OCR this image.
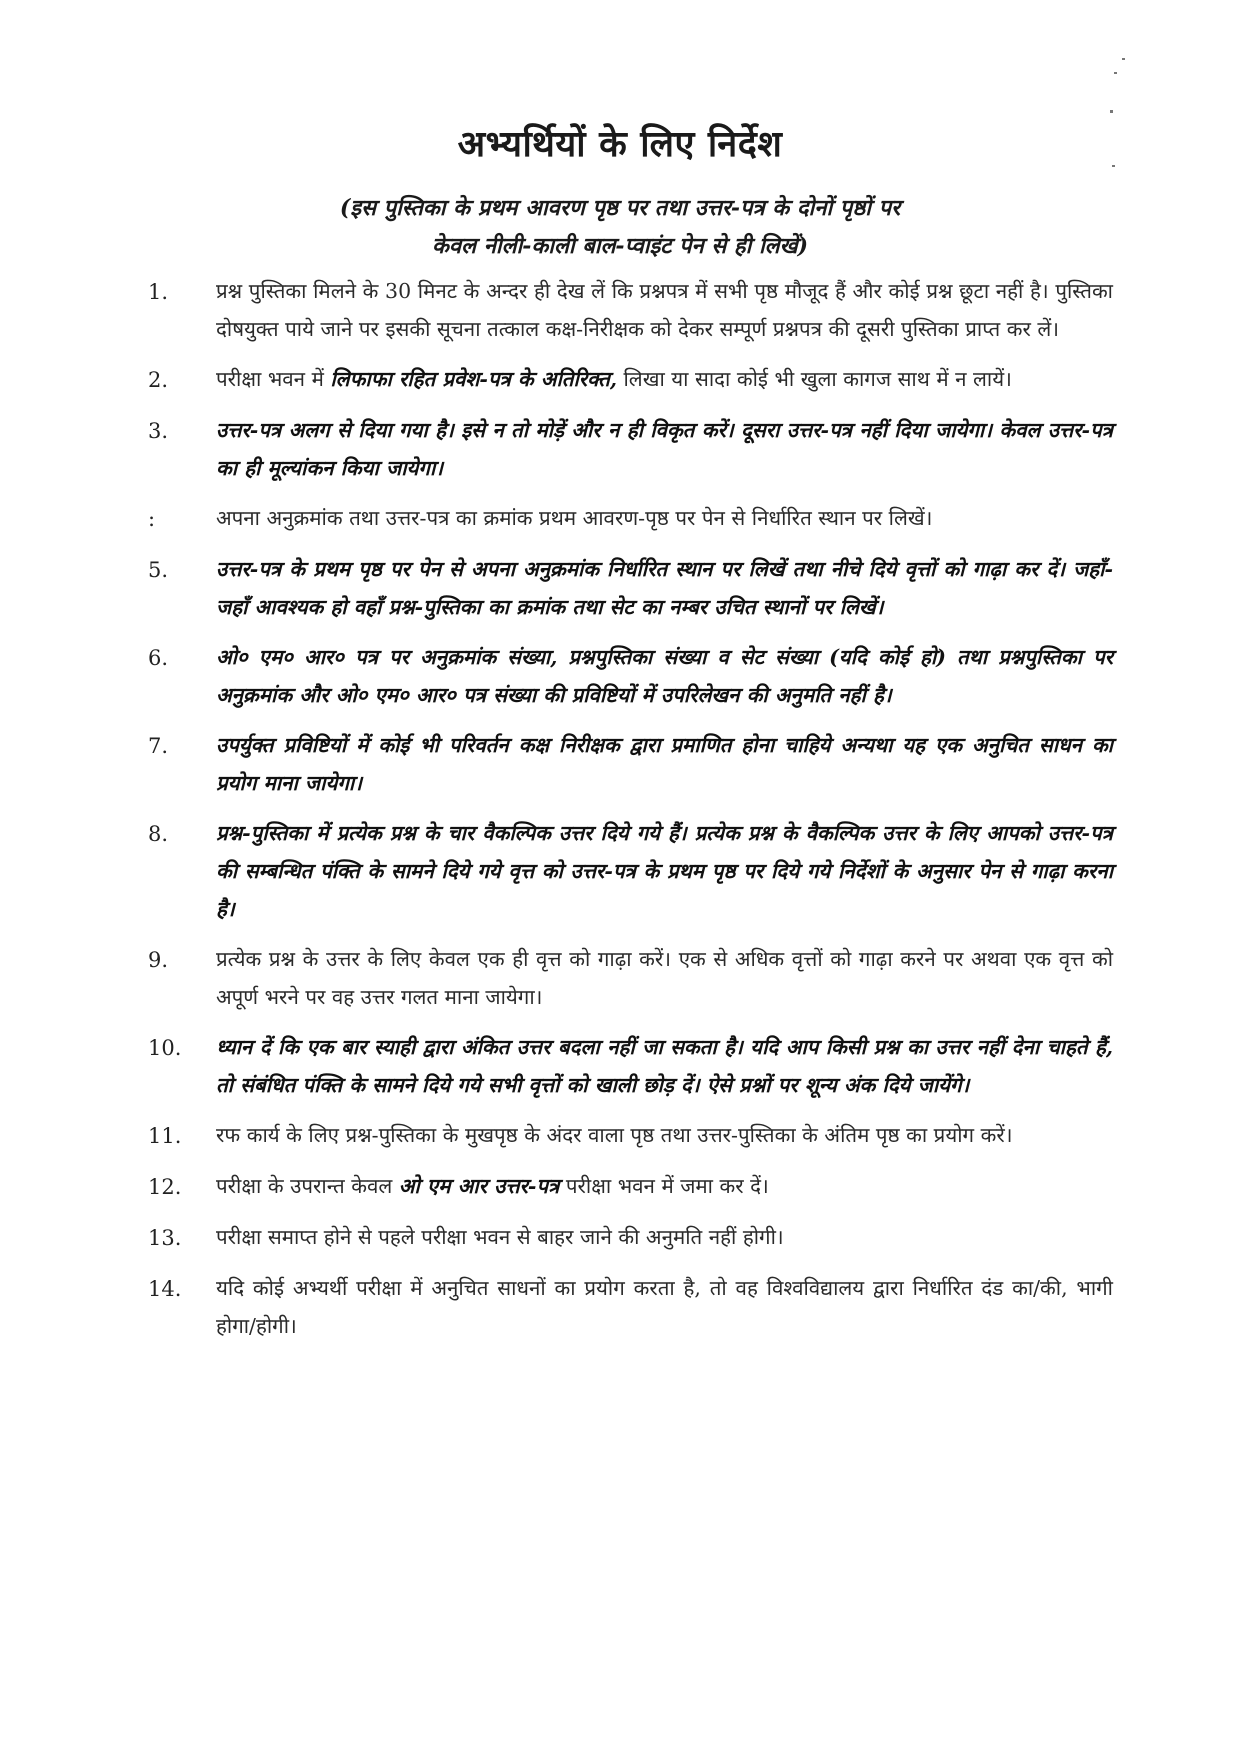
अभ्यर्थियों के लिए निर्देश
(इस पुस्तिका के प्रथम आवरण पृष्ठ पर तथा उत्तर-पत्र के दोनों पृष्ठों पर
केवल नीली-काली बाल-प्वाइंट पेन से ही लिखें)
1.	प्रश्न पुस्तिका मिलने के 30 मिनट के अन्दर ही देख लें कि प्रश्नपत्र में सभी पृष्ठ मौजूद हैं और कोई प्रश्न छूटा नहीं है। पुस्तिका दोषयुक्त पाये जाने पर इसकी सूचना तत्काल कक्ष-निरीक्षक को देकर सम्पूर्ण प्रश्नपत्र की दूसरी पुस्तिका प्राप्त कर लें।
2.	परीक्षा भवन में लिफाफा रहित प्रवेश-पत्र के अतिरिक्त, लिखा या सादा कोई भी खुला कागज साथ में न लायें।
3.	उत्तर-पत्र अलग से दिया गया है। इसे न तो मोड़ें और न ही विकृत करें। दूसरा उत्तर-पत्र नहीं दिया जायेगा। केवल उत्तर-पत्र का ही मूल्यांकन किया जायेगा।
:	अपना अनुक्रमांक तथा उत्तर-पत्र का क्रमांक प्रथम आवरण-पृष्ठ पर पेन से निर्धारित स्थान पर लिखें।
5.	उत्तर-पत्र के प्रथम पृष्ठ पर पेन से अपना अनुक्रमांक निर्धारित स्थान पर लिखें तथा नीचे दिये वृत्तों को गाढ़ा कर दें। जहाँ-जहाँ आवश्यक हो वहाँ प्रश्न-पुस्तिका का क्रमांक तथा सेट का नम्बर उचित स्थानों पर लिखें।
6.	ओ० एम० आर० पत्र पर अनुक्रमांक संख्या, प्रश्नपुस्तिका संख्या व सेट संख्या (यदि कोई हो) तथा प्रश्नपुस्तिका पर अनुक्रमांक और ओ० एम० आर० पत्र संख्या की प्रविष्टियों में उपरिलेखन की अनुमति नहीं है।
7.	उपर्युक्त प्रविष्टियों में कोई भी परिवर्तन कक्ष निरीक्षक द्वारा प्रमाणित होना चाहिये अन्यथा यह एक अनुचित साधन का प्रयोग माना जायेगा।
8.	प्रश्न-पुस्तिका में प्रत्येक प्रश्न के चार वैकल्पिक उत्तर दिये गये हैं। प्रत्येक प्रश्न के वैकल्पिक उत्तर के लिए आपको उत्तर-पत्र की सम्बन्धित पंक्ति के सामने दिये गये वृत्त को उत्तर-पत्र के प्रथम पृष्ठ पर दिये गये निर्देशों के अनुसार पेन से गाढ़ा करना है।
9.	प्रत्येक प्रश्न के उत्तर के लिए केवल एक ही वृत्त को गाढ़ा करें। एक से अधिक वृत्तों को गाढ़ा करने पर अथवा एक वृत्त को अपूर्ण भरने पर वह उत्तर गलत माना जायेगा।
10.	ध्यान दें कि एक बार स्याही द्वारा अंकित उत्तर बदला नहीं जा सकता है। यदि आप किसी प्रश्न का उत्तर नहीं देना चाहते हैं, तो संबंधित पंक्ति के सामने दिये गये सभी वृत्तों को खाली छोड़ दें। ऐसे प्रश्नों पर शून्य अंक दिये जायेंगे।
11.	रफ कार्य के लिए प्रश्न-पुस्तिका के मुखपृष्ठ के अंदर वाला पृष्ठ तथा उत्तर-पुस्तिका के अंतिम पृष्ठ का प्रयोग करें।
12.	परीक्षा के उपरान्त केवल ओ एम आर उत्तर-पत्र परीक्षा भवन में जमा कर दें।
13.	परीक्षा समाप्त होने से पहले परीक्षा भवन से बाहर जाने की अनुमति नहीं होगी।
14.	यदि कोई अभ्यर्थी परीक्षा में अनुचित साधनों का प्रयोग करता है, तो वह विश्वविद्यालय द्वारा निर्धारित दंड का/की, भागी होगा/होगी।
